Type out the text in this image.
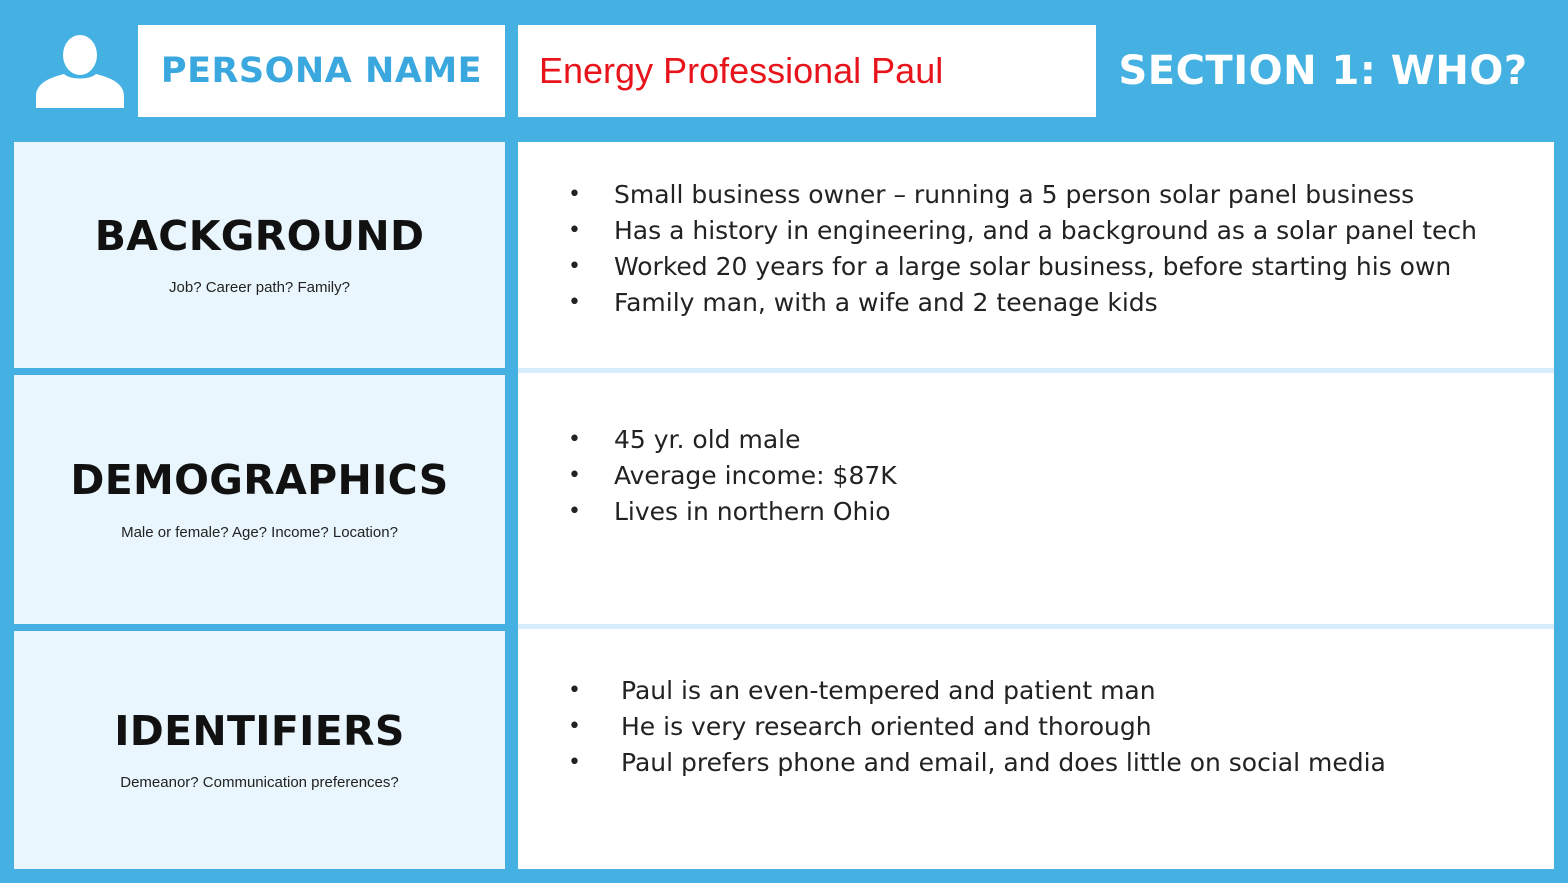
PERSONA NAME Energy Professional Paul	SECTION 1: WHO?
BACKGROUND
Job? Career path? Family?
DEMOGRAPHICS
Male or female? Age? Income? Location?
IDENTIFIERS
Demeanor? Communication preferences?
• Small business owner – running a 5 person solar panel business
• Has a history in engineering, and a background as a solar panel tech
• Worked 20 years for a large solar business, before starting his own
• Family man, with a wife and 2 teenage kids
• 45 yr. old male
• Average income: $87K
• Lives in northern Ohio
• Paul is an even-tempered and patient man
• He is very research oriented and thorough
• Paul prefers phone and email, and does little on social media
